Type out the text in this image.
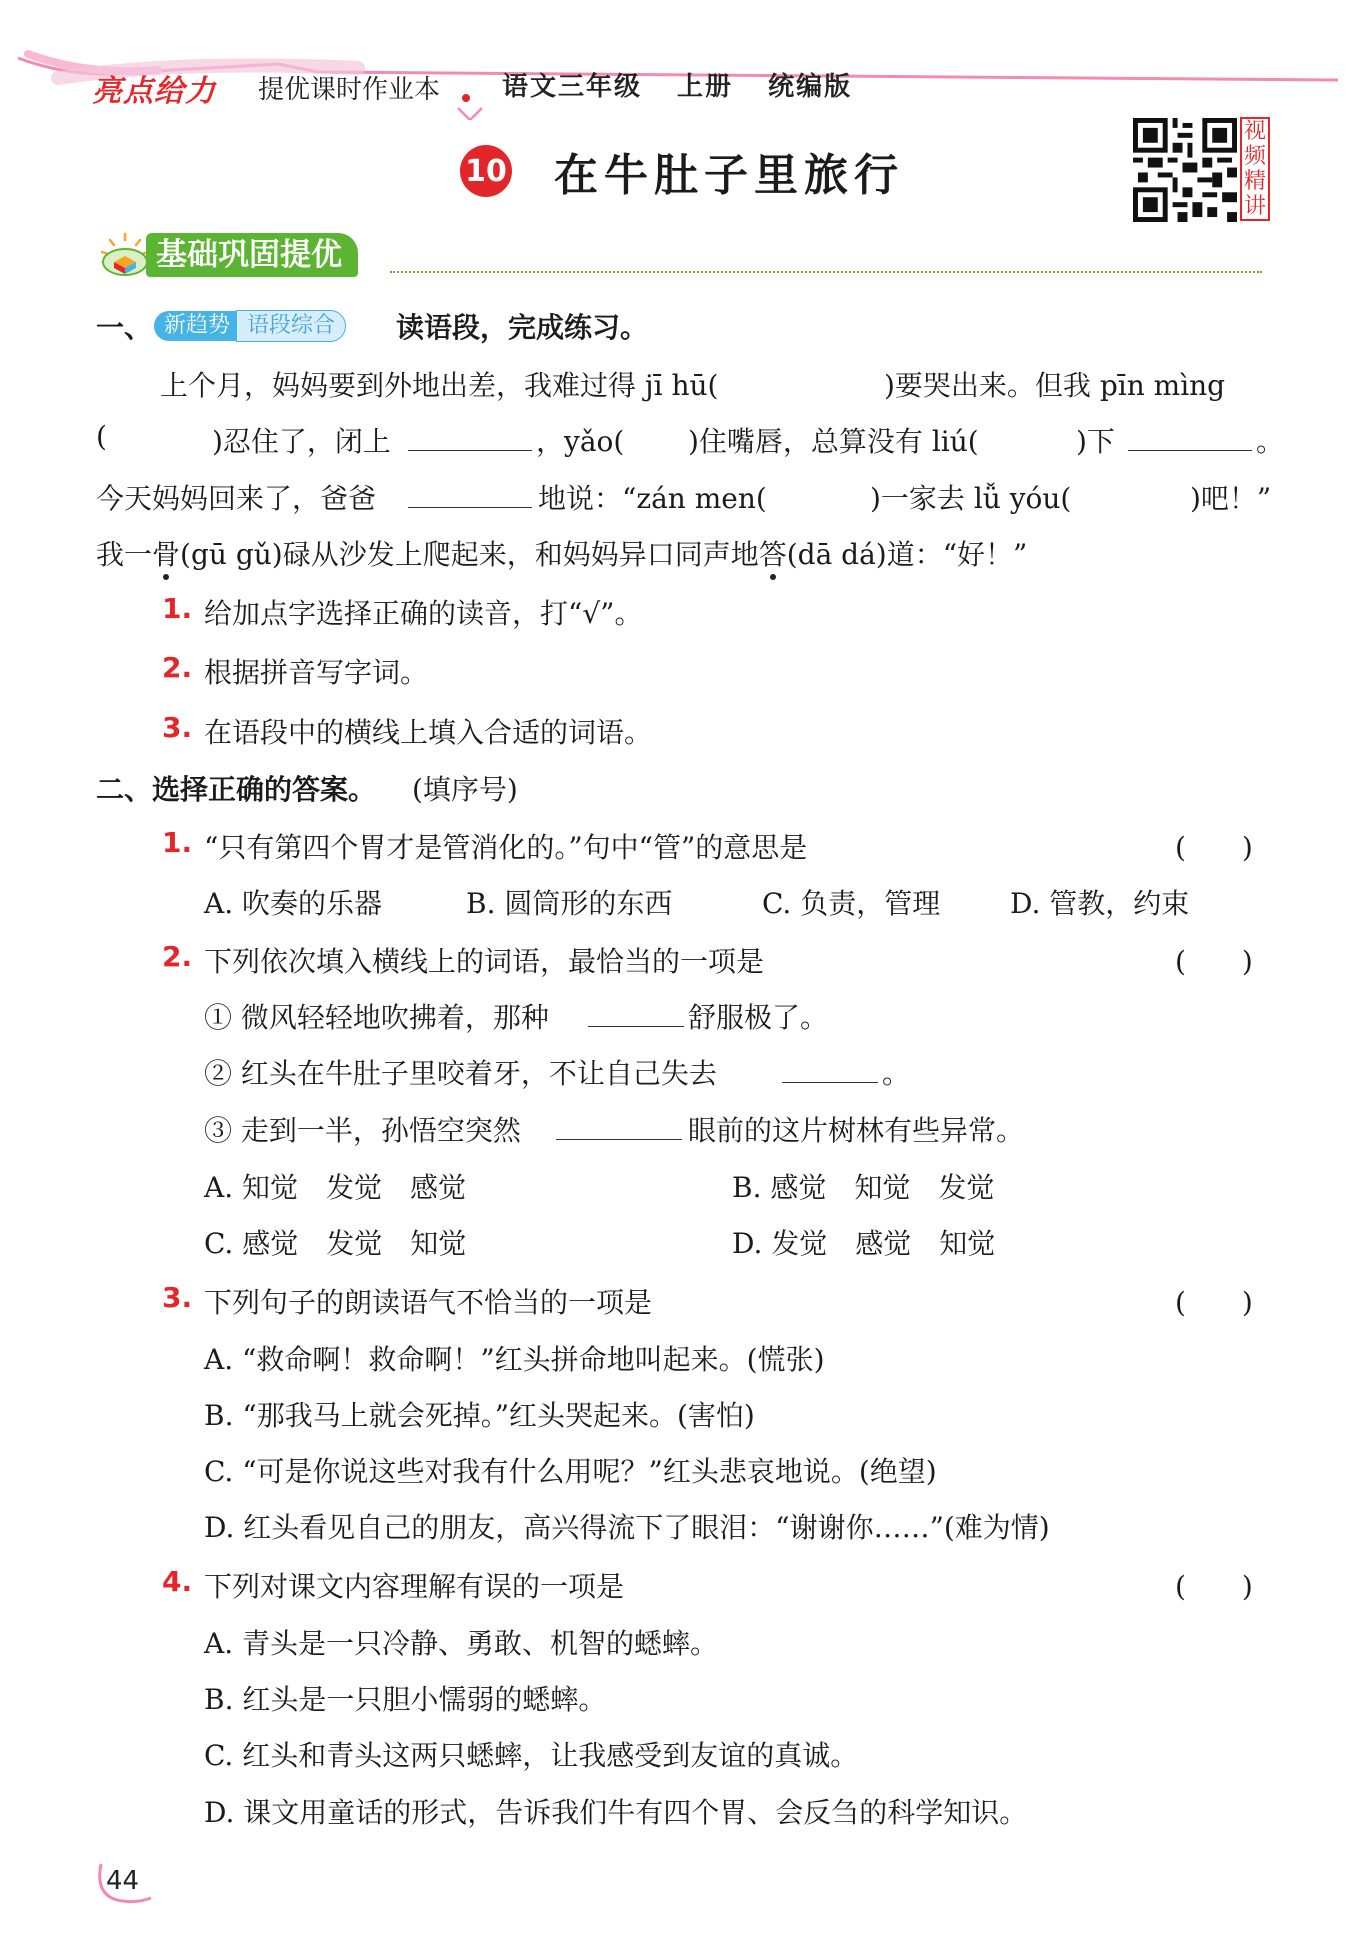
亮点给力 提优课时作业本 语文三年级 上册 统编版
10 在牛肚子里旅行
视频精讲
基础巩固提优
一、 新趋势 语段综合	读语段，完成练习。
上个月，妈妈要到外地出差，我难过得 jī hū(	)要哭出来。但我 pīn mìng
(	)忍住了，闭上	，yǎo( )住嘴唇，总算没有 liú(	)下	。
今天妈妈回来了，爸爸	地说：“zán men(	)一家去 lǚ yóu(	)吧！”
我一骨(gū gǔ)碌从沙发上爬起来，和妈妈异口同声地答(dā dá)道：“好！”
1. 给加点字选择正确的读音，打“√”。
2. 根据拼音写字词。
3. 在语段中的横线上填入合适的词语。
二、选择正确的答案。 (填序号)
1. “只有第四个胃才是管消化的。”句中“管”的意思是	(　　)
A. 吹奏的乐器	B. 圆筒形的东西	C. 负责，管理 D. 管教，约束
2. 下列依次填入横线上的词语，最恰当的一项是	(　　)
① 微风轻轻地吹拂着，那种	舒服极了。
② 红头在牛肚子里咬着牙，不让自己失去	。
③ 走到一半，孙悟空突然	眼前的这片树林有些异常。
A. 知觉　发觉　感觉	B. 感觉　知觉　发觉
C. 感觉　发觉　知觉	D. 发觉　感觉　知觉
3. 下列句子的朗读语气不恰当的一项是	(　　)
A. “救命啊！救命啊！”红头拼命地叫起来。(慌张)
B. “那我马上就会死掉。”红头哭起来。(害怕)
C. “可是你说这些对我有什么用呢？”红头悲哀地说。(绝望)
D. 红头看见自己的朋友，高兴得流下了眼泪：“谢谢你……”(难为情)
4. 下列对课文内容理解有误的一项是	(　　)
A. 青头是一只冷静、勇敢、机智的蟋蟀。
B. 红头是一只胆小懦弱的蟋蟀。
C. 红头和青头这两只蟋蟀，让我感受到友谊的真诚。
D. 课文用童话的形式，告诉我们牛有四个胃、会反刍的科学知识。
44
